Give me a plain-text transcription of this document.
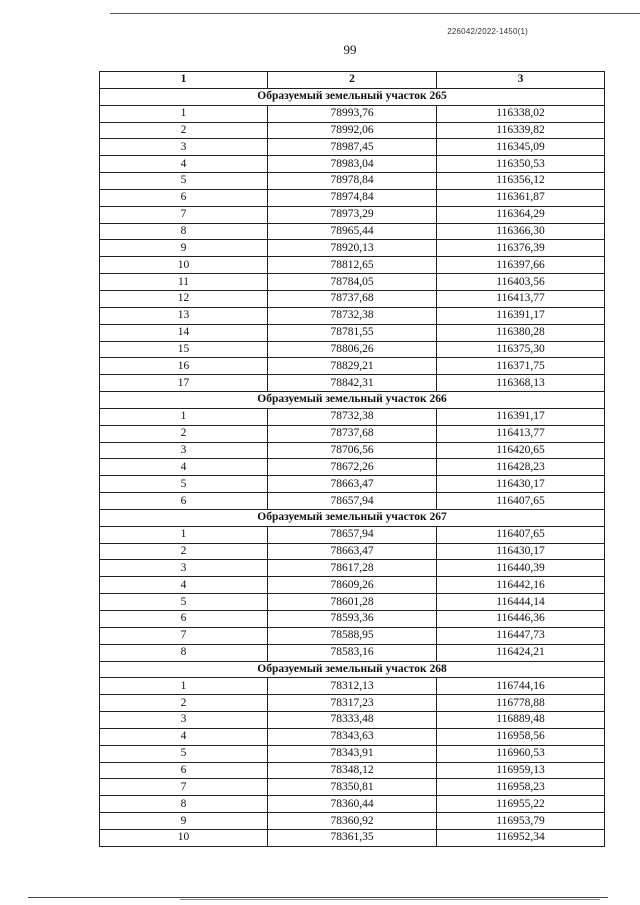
226042/2022-1450(1)
99
1	2	3
Образуемый земельный участок 265		
1	78993,76	116338,02
2	78992,06	116339,82
3	78987,45	116345,09
4	78983,04	116350,53
5	78978,84	116356,12
6	78974,84	116361,87
7	78973,29	116364,29
8	78965,44	116366,30
9	78920,13	116376,39
10	78812,65	116397,66
11	78784,05	116403,56
12	78737,68	116413,77
13	78732,38	116391,17
14	78781,55	116380,28
15	78806,26	116375,30
16	78829,21	116371,75
17	78842,31	116368,13
Образуемый земельный участок 266		
1	78732,38	116391,17
2	78737,68	116413,77
3	78706,56	116420,65
4	78672,26	116428,23
5	78663,47	116430,17
6	78657,94	116407,65
Образуемый земельный участок 267		
1	78657,94	116407,65
2	78663,47	116430,17
3	78617,28	116440,39
4	78609,26	116442,16
5	78601,28	116444,14
6	78593,36	116446,36
7	78588,95	116447,73
8	78583,16	116424,21
Образуемый земельный участок 268		
1	78312,13	116744,16
2	78317,23	116778,88
3	78333,48	116889,48
4	78343,63	116958,56
5	78343,91	116960,53
6	78348,12	116959,13
7	78350,81	116958,23
8	78360,44	116955,22
9	78360,92	116953,79
10	78361,35	116952,34
